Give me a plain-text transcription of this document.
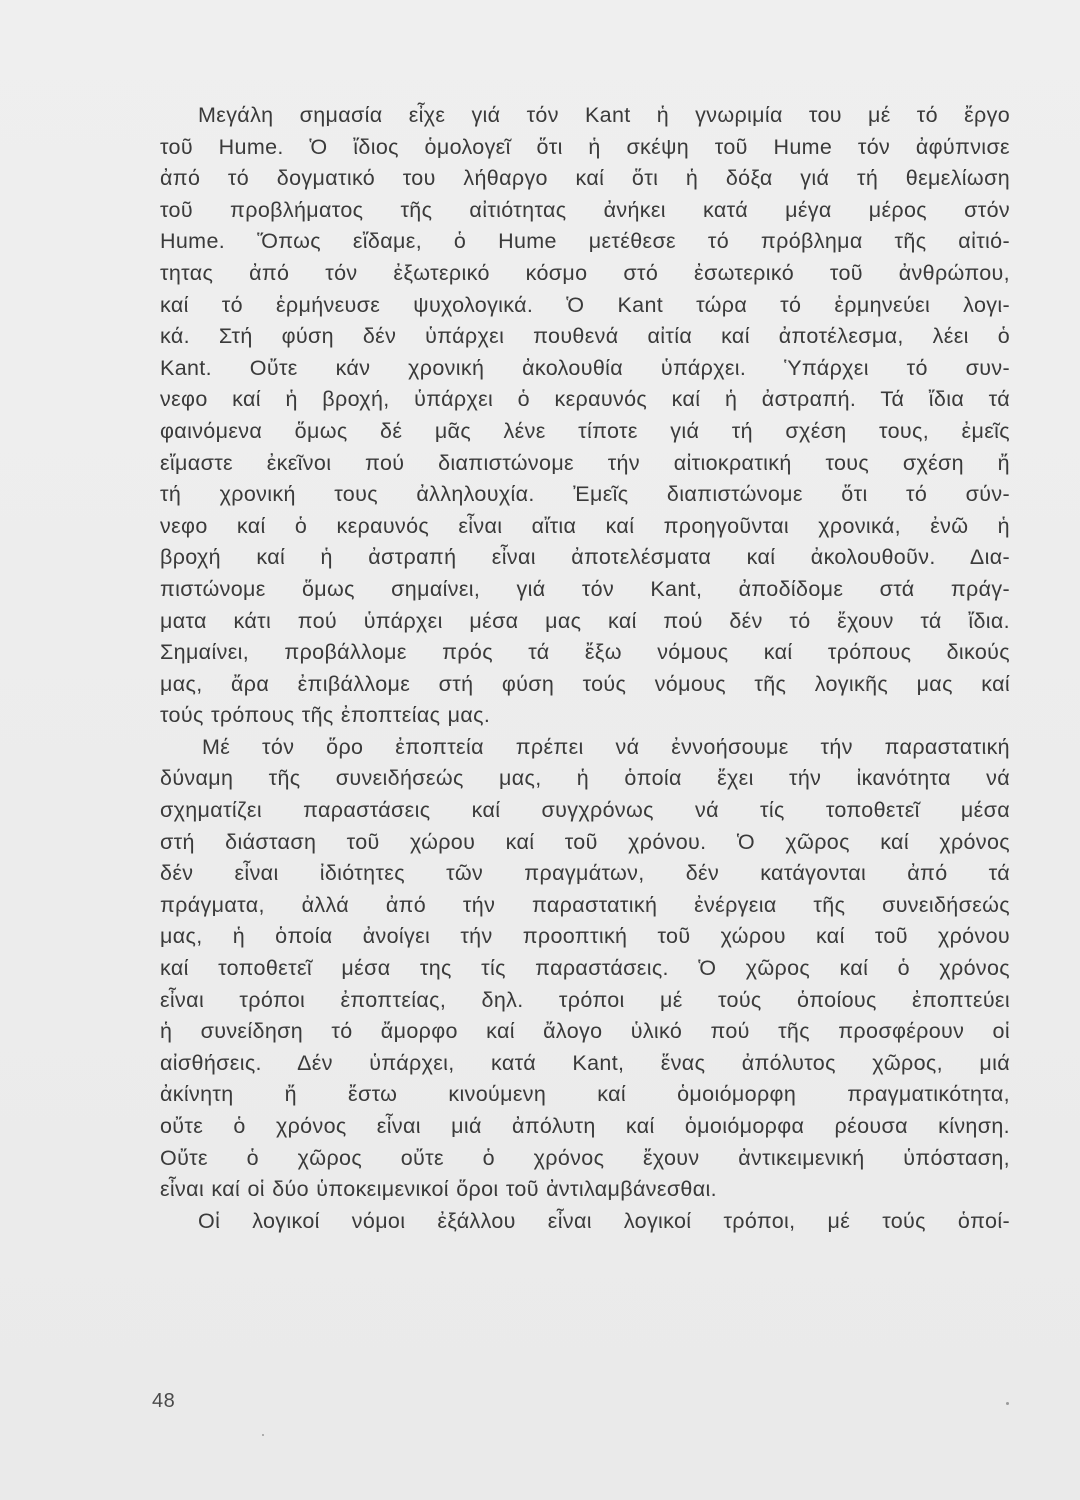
Μεγάλη σημασία εἶχε γιά τόν Kant ἡ γνωριμία του μέ τό ἔργο
τοῦ Hume. Ὁ ἴδιος ὁμολογεῖ ὅτι ἡ σκέψη τοῦ Hume τόν ἀφύπνισε
ἀπό τό δογματικό του λήθαργο καί ὅτι ἡ δόξα γιά τή θεμελίωση
τοῦ προβλήματος τῆς αἰτιότητας ἀνήκει κατά μέγα μέρος στόν
Hume. Ὅπως εἴδαμε, ὁ Hume μετέθεσε τό πρόβλημα τῆς αἰτιό-
τητας ἀπό τόν ἐξωτερικό κόσμο στό ἐσωτερικό τοῦ ἀνθρώπου,
καί τό ἑρμήνευσε ψυχολογικά. Ὁ Kant τώρα τό ἑρμηνεύει λογι-
κά. Στή φύση δέν ὑπάρχει πουθενά αἰτία καί ἀποτέλεσμα, λέει ὁ
Kant. Οὔτε κάν χρονική ἀκολουθία ὑπάρχει. Ὑπάρχει τό συν-
νεφο καί ἡ βροχή, ὑπάρχει ὁ κεραυνός καί ἡ ἀστραπή. Τά ἴδια τά
φαινόμενα ὅμως δέ μᾶς λένε τίποτε γιά τή σχέση τους, ἐμεῖς
εἴμαστε ἐκεῖνοι πού διαπιστώνομε τήν αἰτιοκρατική τους σχέση ἤ
τή χρονική τους ἀλληλουχία. Ἐμεῖς διαπιστώνομε ὅτι τό σύν-
νεφο καί ὁ κεραυνός εἶναι αἴτια καί προηγοῦνται χρονικά, ἐνῶ ἡ
βροχή καί ἡ ἀστραπή εἶναι ἀποτελέσματα καί ἀκολουθοῦν. Δια-
πιστώνομε ὅμως σημαίνει, γιά τόν Kant, ἀποδίδομε στά πράγ-
ματα κάτι πού ὑπάρχει μέσα μας καί πού δέν τό ἔχουν τά ἴδια.
Σημαίνει, προβάλλομε πρός τά ἔξω νόμους καί τρόπους δικούς
μας, ἄρα ἐπιβάλλομε στή φύση τούς νόμους τῆς λογικῆς μας καί
τούς τρόπους τῆς ἐποπτείας μας.
Μέ τόν ὅρο ἐποπτεία πρέπει νά ἐννοήσουμε τήν παραστατική
δύναμη τῆς συνειδήσεώς μας, ἡ ὁποία ἔχει τήν ἰκανότητα νά
σχηματίζει παραστάσεις καί συγχρόνως νά τίς τοποθετεῖ μέσα
στή διάσταση τοῦ χώρου καί τοῦ χρόνου. Ὁ χῶρος καί χρόνος
δέν εἶναι ἰδιότητες τῶν πραγμάτων, δέν κατάγονται ἀπό τά
πράγματα, ἀλλά ἀπό τήν παραστατική ἐνέργεια τῆς συνειδήσεώς
μας, ἡ ὁποία ἀνοίγει τήν προοπτική τοῦ χώρου καί τοῦ χρόνου
καί τοποθετεῖ μέσα της τίς παραστάσεις. Ὁ χῶρος καί ὁ χρόνος
εἶναι τρόποι ἐποπτείας, δηλ. τρόποι μέ τούς ὁποίους ἐποπτεύει
ἡ συνείδηση τό ἄμορφο καί ἄλογο ὑλικό πού τῆς προσφέρουν οἱ
αἰσθήσεις. Δέν ὑπάρχει, κατά Kant, ἕνας ἀπόλυτος χῶρος, μιά
ἀκίνητη ἤ ἔστω κινούμενη καί ὁμοιόμορφη πραγματικότητα,
οὔτε ὁ χρόνος εἶναι μιά ἀπόλυτη καί ὁμοιόμορφα ρέουσα κίνηση.
Οὔτε ὁ χῶρος οὔτε ὁ χρόνος ἔχουν ἀντικειμενική ὑπόσταση,
εἶναι καί οἱ δύο ὑποκειμενικοί ὅροι τοῦ ἀντιλαμβάνεσθαι.
Οἱ λογικοί νόμοι ἐξάλλου εἶναι λογικοί τρόποι, μέ τούς ὁποί-
48
